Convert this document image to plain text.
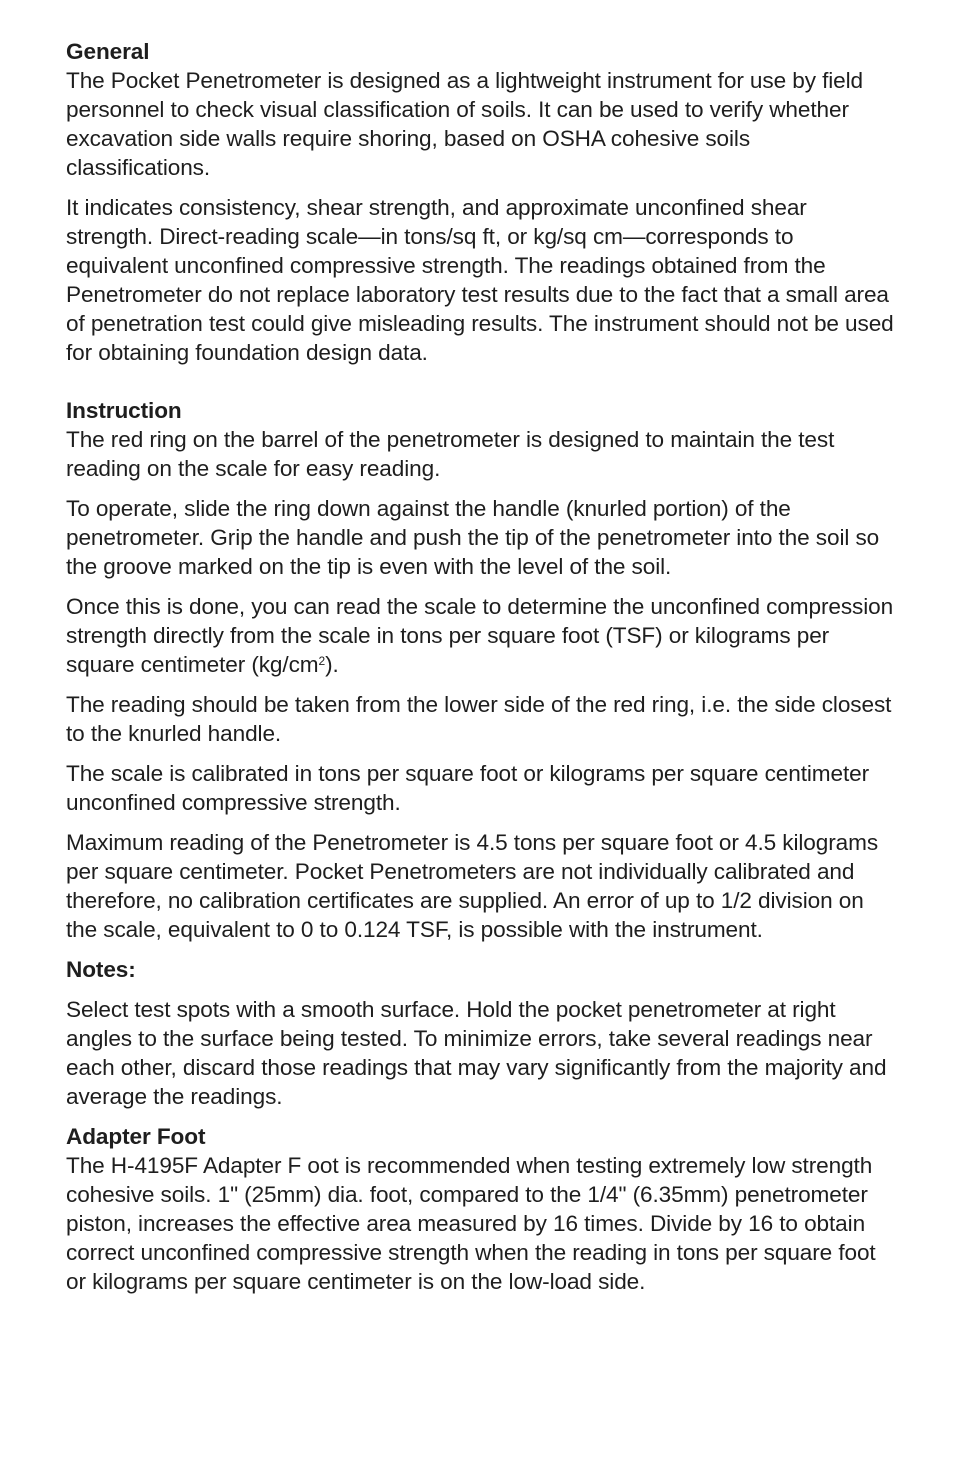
General

The Pocket Penetrometer is designed as a lightweight instrument for use by field personnel to check visual classification of soils. It can be used to verify whether excavation side walls require shoring, based on OSHA cohesive soils classifications.

It indicates consistency, shear strength, and approximate unconfined shear strength. Direct-reading scale—in tons/sq ft, or kg/sq cm—corresponds to equivalent unconfined compressive strength. The readings obtained from the Penetrometer do not replace laboratory test results due to the fact that a small area of penetration test could give misleading results. The instrument should not be used for obtaining foundation design data.

Instruction

The red ring on the barrel of the penetrometer is designed to maintain the test reading on the scale for easy reading.

To operate, slide the ring down against the handle (knurled portion) of the penetrometer. Grip the handle and push the tip of the penetrometer into the soil so the groove marked on the tip is even with the level of the soil.

Once this is done, you can read the scale to determine the unconfined compression strength directly from the scale in tons per square foot (TSF) or kilograms per square centimeter $(kg/cm^2)$.

The reading should be taken from the lower side of the red ring, i.e. the side closest to the knurled handle.

The scale is calibrated in tons per square foot or kilograms per square centimeter unconfined compressive strength.

Maximum reading of the Penetrometer is 4.5 tons per square foot or 4.5 kilograms per square centimeter. Pocket Penetrometers are not individually calibrated and therefore, no calibration certificates are supplied. An error of up to 1/2 division on the scale, equivalent to 0 to 0.124 TSF, is possible with the instrument.

Notes:

Select test spots with a smooth surface. Hold the pocket penetrometer at right angles to the surface being tested. To minimize errors, take several readings near each other, discard those readings that may vary significantly from the majority and average the readings.

Adapter Foot

The H-4195F Adapter F oot is recommended when testing extremely low strength cohesive soils. 1" (25mm) dia. foot, compared to the 1/4" (6.35mm) penetrometer piston, increases the effective area measured by 16 times. Divide by 16 to obtain correct unconfined compressive strength when the reading in tons per square foot or kilograms per square centimeter is on the low-load side.
